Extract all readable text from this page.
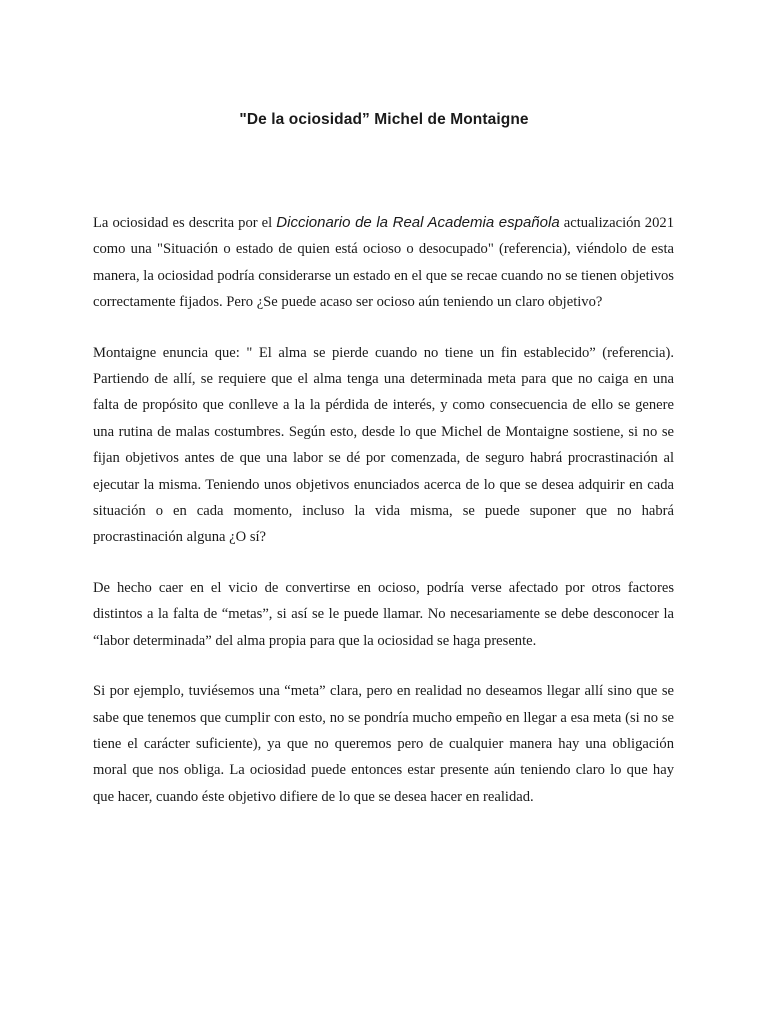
"De la ociosidad” Michel de Montaigne

La ociosidad es descrita por el Diccionario de la Real Academia española actualización 2021 como una "Situación o estado de quien está ocioso o desocupado" (referencia), viéndolo de esta manera, la ociosidad podría considerarse un estado en el que se recae cuando no se tienen objetivos correctamente fijados. Pero ¿Se puede acaso ser ocioso aún teniendo un claro objetivo?

Montaigne enuncia que: " El alma se pierde cuando no tiene un fin establecido” (referencia). Partiendo de allí, se requiere que el alma tenga una determinada meta para que no caiga en una falta de propósito que conlleve a la la pérdida de interés, y como consecuencia de ello se genere una rutina de malas costumbres. Según esto, desde lo que Michel de Montaigne sostiene, si no se fijan objetivos antes de que una labor se dé por comenzada, de seguro habrá procrastinación al ejecutar la misma. Teniendo unos objetivos enunciados acerca de lo que se desea adquirir en cada situación o en cada momento, incluso la vida misma, se puede suponer que no habrá procrastinación alguna ¿O sí?

De hecho caer en el vicio de convertirse en ocioso, podría verse afectado por otros factores distintos a la falta de “metas”, si así se le puede llamar. No necesariamente se debe desconocer la “labor determinada” del alma propia para que la ociosidad se haga presente.

Si por ejemplo, tuviésemos una “meta” clara, pero en realidad no deseamos llegar allí sino que se sabe que tenemos que cumplir con esto, no se pondría mucho empeño en llegar a esa meta (si no se tiene el carácter suficiente), ya que no queremos pero de cualquier manera hay una obligación moral que nos obliga. La ociosidad puede entonces estar presente aún teniendo claro lo que hay que hacer, cuando éste objetivo difiere de lo que se desea hacer en realidad.
